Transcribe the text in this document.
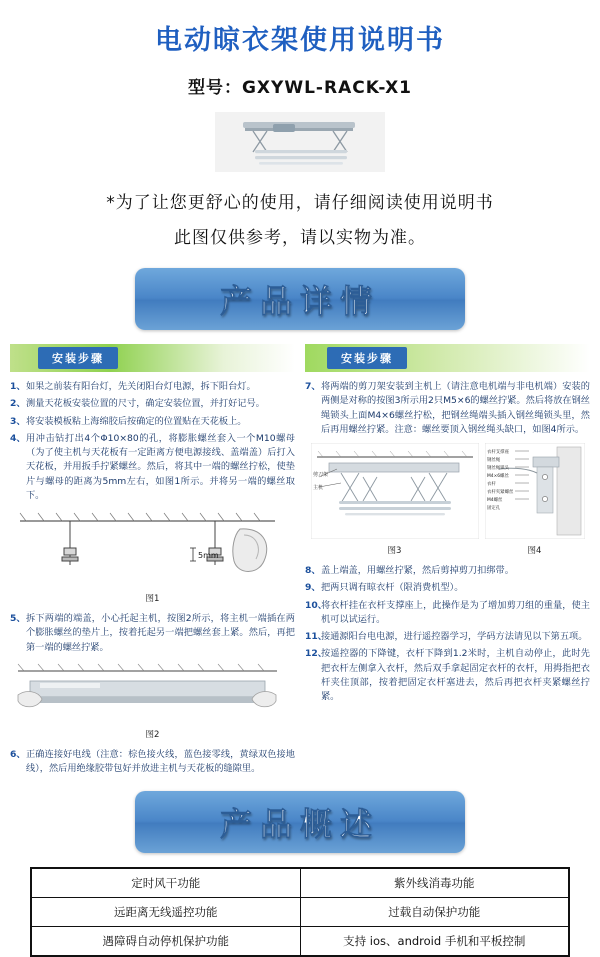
电动晾衣架使用说明书
型号：GXYWL-RACK-X1
*为了让您更舒心的使用，请仔细阅读使用说明书
此图仅供参考，请以实物为准。
产品详情
安装步骤
1、 如果之前装有阳台灯，先关闭阳台灯电源，拆下阳台灯。
2、 测量天花板安装位置的尺寸，确定安装位置，并打好记号。
3、 将安装模板粘上海绵胶后按确定的位置贴在天花板上。
4、 用冲击钻打出4个Φ10×80的孔，将膨胀螺丝套入一个M10螺母（为了使主机与天花板有一定距离方便电源接线、盖端盖）后打入天花板，并用扳手拧紧螺丝。然后，将其中一端的螺丝拧松，使垫片与螺母的距离为5mm左右，如图1所示。并将另一端的螺丝取下。
5mm
图1
5、 拆下两端的端盖，小心托起主机，按图2所示，将主机一端插在两个膨胀螺丝的垫片上，按着托起另一端把螺丝套上紧。然后，再把第一端的螺丝拧紧。
图2
6、 正确连接好电线（注意：棕色接火线，蓝色接零线，黄绿双色接地线），然后用绝缘胶带包好并放进主机与天花板的缝隙里。
安装步骤
7、 将两端的剪刀架安装到主机上（请注意电机端与非电机端）安装的两侧是对称的按图3所示用2只M5×6的螺丝拧紧。然后将放在钢丝绳锁头上面M4×6螺丝拧松，把钢丝绳端头插入钢丝绳锁头里，然后再用螺丝拧紧。注意：螺丝要顶入钢丝绳头缺口，如图4所示。
剪刀架
主机
图3
衣杆支撑座
钢丝绳
钢丝绳锁头
M4×6螺丝
衣杆
衣杆夹紧螺丝
M4螺丝
固定孔
图4
8、 盖上端盖，用螺丝拧紧，然后剪掉剪刀扣绑带。
9、 把两只调有晾衣杆（限消费机型）。
10、
将衣杆挂在衣杆支撑座上，此操作是为了增加剪刀组的重量，使主机可以试运行。
11、
接通源阳台电电源，进行遥控器学习，学码方法请见以下第五项。
12、
按遥控器的下降键，衣杆下降到1.2米时，主机自动停止，此时先把衣杆左侧拿入衣杆，然后双手拿起固定衣杆的衣杆，用拇指把衣杆夹住顶部，按着把固定衣杆塞进去，然后再把衣杆夹紧螺丝拧紧。
产品概述
定时风干功能	紫外线消毒功能
远距离无线遥控功能	过载自动保护功能
遇障碍自动停机保护功能	支持 ios、android 手机和平板控制
